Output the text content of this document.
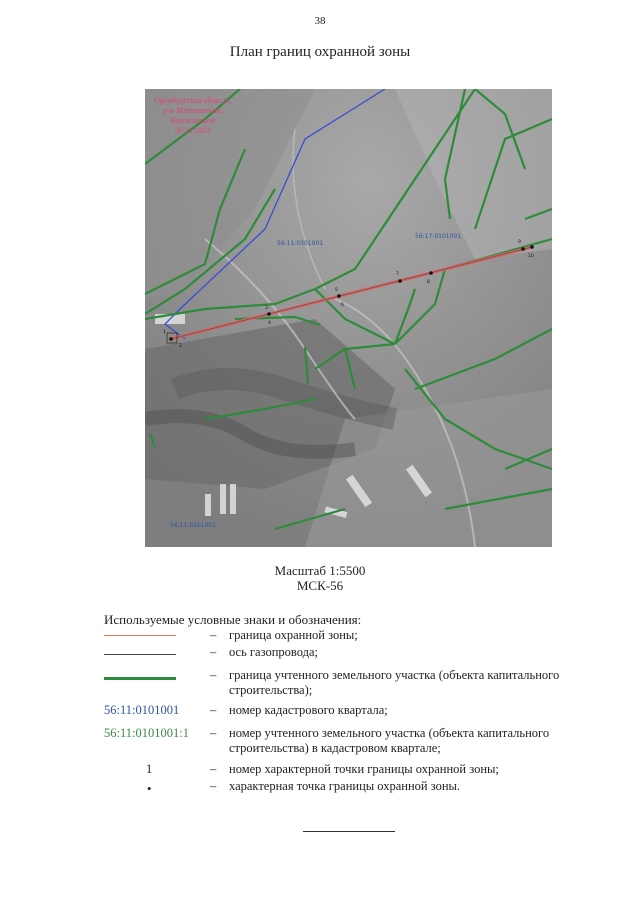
38
План границ охранной зоны
1
2
3
4
5
6
7
8
9
10
56:11:0301001
56:17:0101001
56:11:0101001
Оренбургская область,
р-н Матвеевский,
Кинзельский
56:11:0101
Масштаб 1:5500
МСК-56
Используемые условные знаки и обозначения:
– граница охранной зоны;
– ось газопровода;
– граница учтенного земельного участка (объекта капитального строительства);
56:11:0101001	– номер кадастрового квартала;
56:11:0101001:1	– номер учтенного земельного участка (объекта капитального строительства) в кадастровом квартале;
1	– номер характерной точки границы охранной зоны;
•	– характерная точка границы охранной зоны.
